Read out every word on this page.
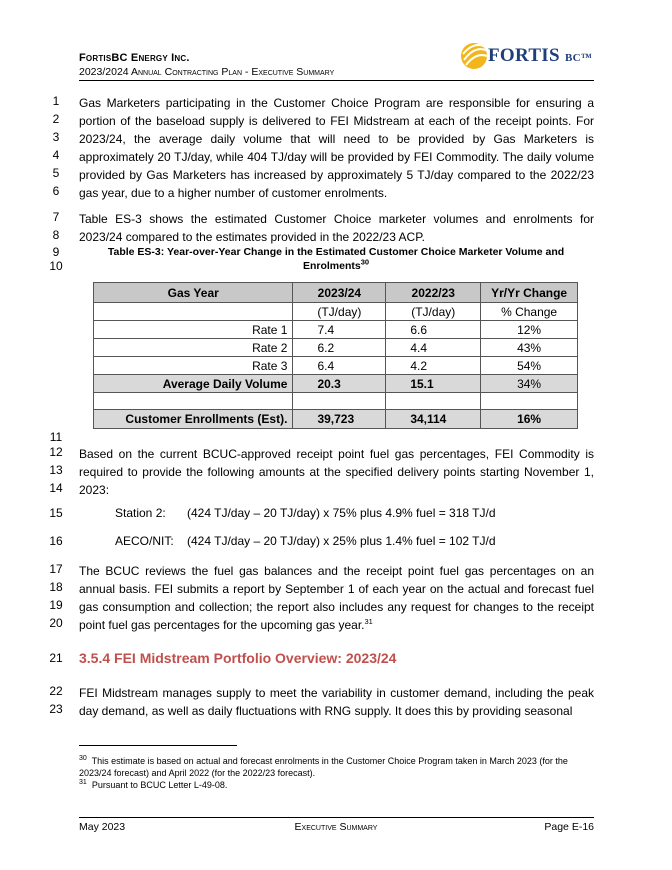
FortisBC Energy Inc.
2023/2024 Annual Contracting Plan - Executive Summary
FORTIS BC™
1
2
3
4
5
6
7
8
9
10
11
12
13
14
15
16
17
18
19
20
21
22
23

Gas Marketers participating in the Customer Choice Program are responsible for ensuring a portion of the baseload supply is delivered to FEI Midstream at each of the receipt points. For 2023/24, the average daily volume that will need to be provided by Gas Marketers is approximately 20 TJ/day, while 404 TJ/day will be provided by FEI Commodity. The daily volume provided by Gas Marketers has increased by approximately 5 TJ/day compared to the 2022/23 gas year, due to a higher number of customer enrolments.

Table ES-3 shows the estimated Customer Choice marketer volumes and enrolments for 2023/24 compared to the estimates provided in the 2022/23 ACP.

Table ES-3: Year-over-Year Change in the Estimated Customer Choice Marketer Volume and Enrolments$^{30}$
Gas Year	2023/24	2022/23	Yr/Yr Change
	(TJ/day)	(TJ/day)	% Change
Rate 1	7.4	6.6	12%
Rate 2	6.2	4.4	43%
Rate 3	6.4	4.2	54%
Average Daily Volume	20.3	15.1	34%

Customer Enrollments (Est).	39,723	34,114	16%

Based on the current BCUC-approved receipt point fuel gas percentages, FEI Commodity is required to provide the following amounts at the specified delivery points starting November 1, 2023:

Station 2: (424 TJ/day – 20 TJ/day) x 75% plus 4.9% fuel = 318 TJ/d
AECO/NIT: (424 TJ/day – 20 TJ/day) x 25% plus 1.4% fuel = 102 TJ/d

The BCUC reviews the fuel gas balances and the receipt point fuel gas percentages on an annual basis. FEI submits a report by September 1 of each year on the actual and forecast fuel gas consumption and collection; the report also includes any request for changes to the receipt point fuel gas percentages for the upcoming gas year.$^{31}$

3.5.4 FEI Midstream Portfolio Overview: 2023/24

FEI Midstream manages supply to meet the variability in customer demand, including the peak day demand, as well as daily fluctuations with RNG supply. It does this by providing seasonal

$^{30}$ This estimate is based on actual and forecast enrolments in the Customer Choice Program taken in March 2023 (for the 2023/24 forecast) and April 2022 (for the 2022/23 forecast).
$^{31}$ Pursuant to BCUC Letter L-49-08.
May 2023	Executive Summary	Page E-16
